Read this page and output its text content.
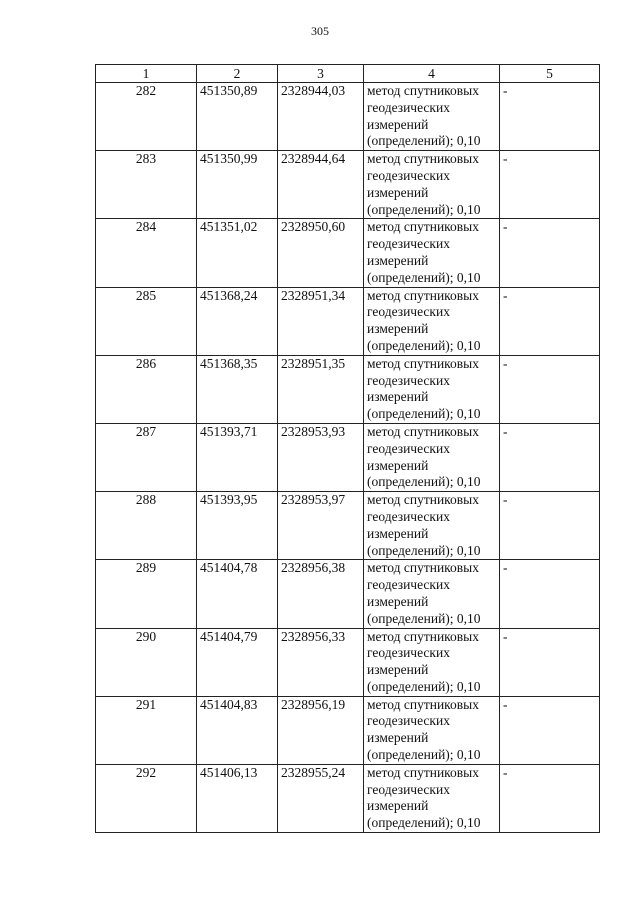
305
1	2	3	4	5
282	451350,89	2328944,03	метод спутниковых геодезических измерений (определений); 0,10	-
283	451350,99	2328944,64	метод спутниковых геодезических измерений (определений); 0,10	-
284	451351,02	2328950,60	метод спутниковых геодезических измерений (определений); 0,10	-
285	451368,24	2328951,34	метод спутниковых геодезических измерений (определений); 0,10	-
286	451368,35	2328951,35	метод спутниковых геодезических измерений (определений); 0,10	-
287	451393,71	2328953,93	метод спутниковых геодезических измерений (определений); 0,10	-
288	451393,95	2328953,97	метод спутниковых геодезических измерений (определений); 0,10	-
289	451404,78	2328956,38	метод спутниковых геодезических измерений (определений); 0,10	-
290	451404,79	2328956,33	метод спутниковых геодезических измерений (определений); 0,10	-
291	451404,83	2328956,19	метод спутниковых геодезических измерений (определений); 0,10	-
292	451406,13	2328955,24	метод спутниковых геодезических измерений (определений); 0,10	-
